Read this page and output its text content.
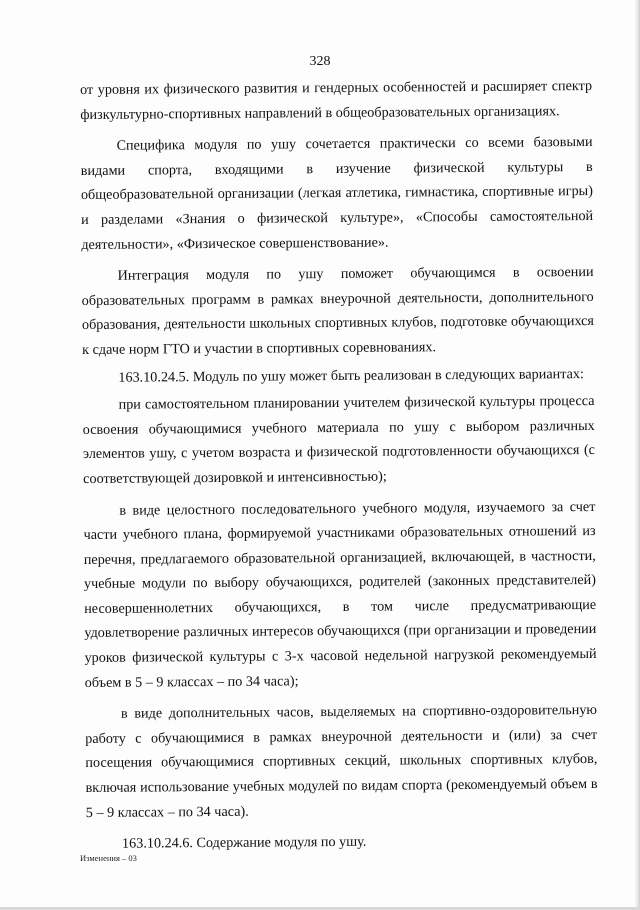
328

от уровня их физического развития и гендерных особенностей и расширяет спектр физкультурно-спортивных направлений в общеобразовательных организациях.

Специфика модуля по ушу сочетается практически со всеми базовыми видами спорта, входящими в изучение физической культуры в общеобразовательной организации (легкая атлетика, гимнастика, спортивные игры) и разделами «Знания о физической культуре», «Способы самостоятельной деятельности», «Физическое совершенствование».

Интеграция модуля по ушу поможет обучающимся в освоении образовательных программ в рамках внеурочной деятельности, дополнительного образования, деятельности школьных спортивных клубов, подготовке обучающихся к сдаче норм ГТО и участии в спортивных соревнованиях.

163.10.24.5. Модуль по ушу может быть реализован в следующих вариантах:

при самостоятельном планировании учителем физической культуры процесса освоения обучающимися учебного материала по ушу с выбором различных элементов ушу, с учетом возраста и физической подготовленности обучающихся (с соответствующей дозировкой и интенсивностью);

в виде целостного последовательного учебного модуля, изучаемого за счет части учебного плана, формируемой участниками образовательных отношений из перечня, предлагаемого образовательной организацией, включающей, в частности, учебные модули по выбору обучающихся, родителей (законных представителей) несовершеннолетних обучающихся, в том числе предусматривающие удовлетворение различных интересов обучающихся (при организации и проведении уроков физической культуры с 3-х часовой недельной нагрузкой рекомендуемый объем в 5 – 9 классах – по 34 часа);

в виде дополнительных часов, выделяемых на спортивно-оздоровительную работу с обучающимися в рамках внеурочной деятельности и (или) за счет посещения обучающимися спортивных секций, школьных спортивных клубов, включая использование учебных модулей по видам спорта (рекомендуемый объем в 5 – 9 классах – по 34 часа).

163.10.24.6. Содержание модуля по ушу.

Изменения – 03
